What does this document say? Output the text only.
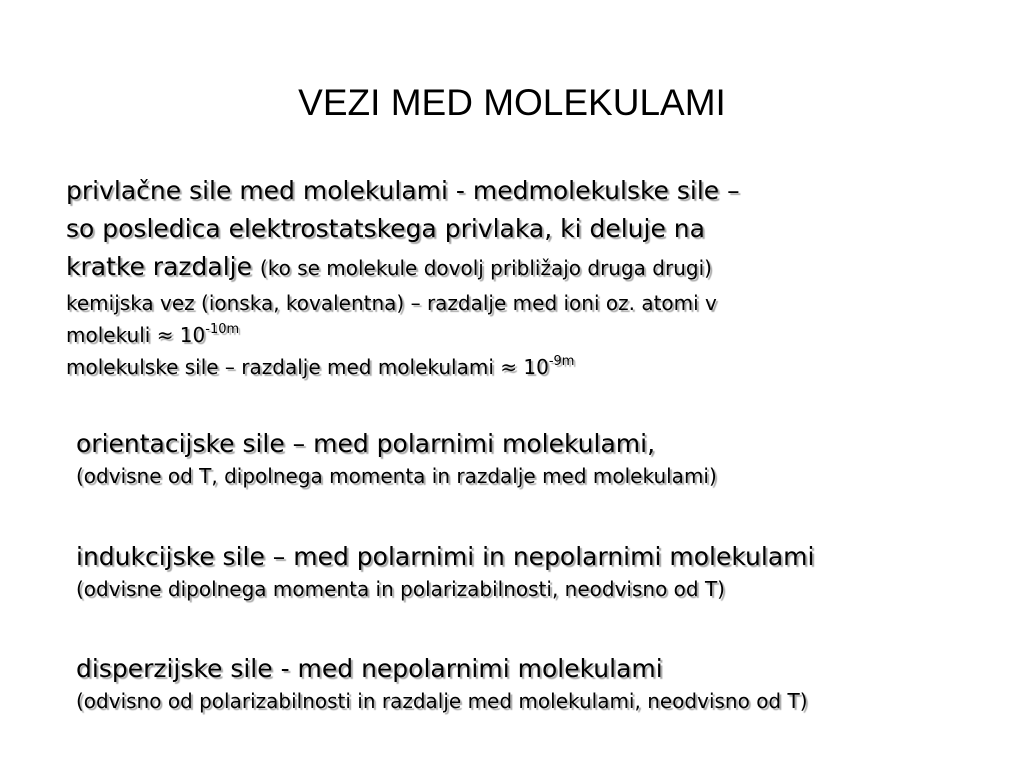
VEZI MED MOLEKULAMI
privlačne sile med molekulami - medmolekulske sile –
so posledica elektrostatskega privlaka, ki deluje na
kratke razdalje (ko se molekule dovolj približajo druga drugi)
kemijska vez (ionska, kovalentna) – razdalje med ioni oz. atomi v
molekuli ≈ $10^{-10m}$
molekulske sile – razdalje med molekulami ≈ $10^{-9m}$
orientacijske sile – med polarnimi molekulami,
(odvisne od T, dipolnega momenta in razdalje med molekulami)
indukcijske sile – med polarnimi in nepolarnimi molekulami
(odvisne dipolnega momenta in polarizabilnosti, neodvisno od T)
disperzijske sile - med nepolarnimi molekulami
(odvisno od polarizabilnosti in razdalje med molekulami, neodvisno od T)
